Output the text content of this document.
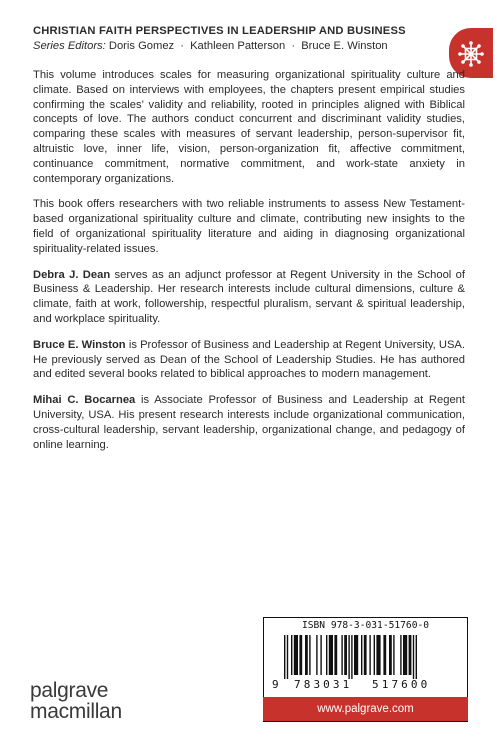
CHRISTIAN FAITH PERSPECTIVES IN LEADERSHIP AND BUSINESS
Series Editors: Doris Gomez · Kathleen Patterson · Bruce E. Winston

This volume introduces scales for measuring organizational spirituality culture and climate. Based on interviews with employees, the chapters present empirical studies confirming the scales’ validity and reliability, rooted in principles aligned with Biblical concepts of love. The authors conduct concurrent and discriminant validity studies, comparing these scales with measures of servant leadership, person-supervisor fit, altruistic love, inner life, vision, person-organization fit, affective commitment, continuance commitment, normative commitment, and work-state anxiety in contemporary organizations.

This book offers researchers with two reliable instruments to assess New Testament-based organizational spirituality culture and climate, contributing new insights to the field of organizational spirituality literature and aiding in diagnosing organizational spirituality-related issues.

Debra J. Dean serves as an adjunct professor at Regent University in the School of Business & Leadership. Her research interests include cultural dimensions, culture & climate, faith at work, followership, respectful pluralism, servant & spiritual leadership, and workplace spirituality.

Bruce E. Winston is Professor of Business and Leadership at Regent University, USA. He previously served as Dean of the School of Leadership Studies. He has authored and edited several books related to biblical approaches to modern management.

Mihai C. Bocarnea is Associate Professor of Business and Leadership at Regent University, USA. His present research interests include organizational communication, cross-cultural leadership, servant leadership, organizational change, and pedagogy of online learning.

ISBN 978-3-031-51760-0
9 783031 517600
www.palgrave.com
palgrave
macmillan
